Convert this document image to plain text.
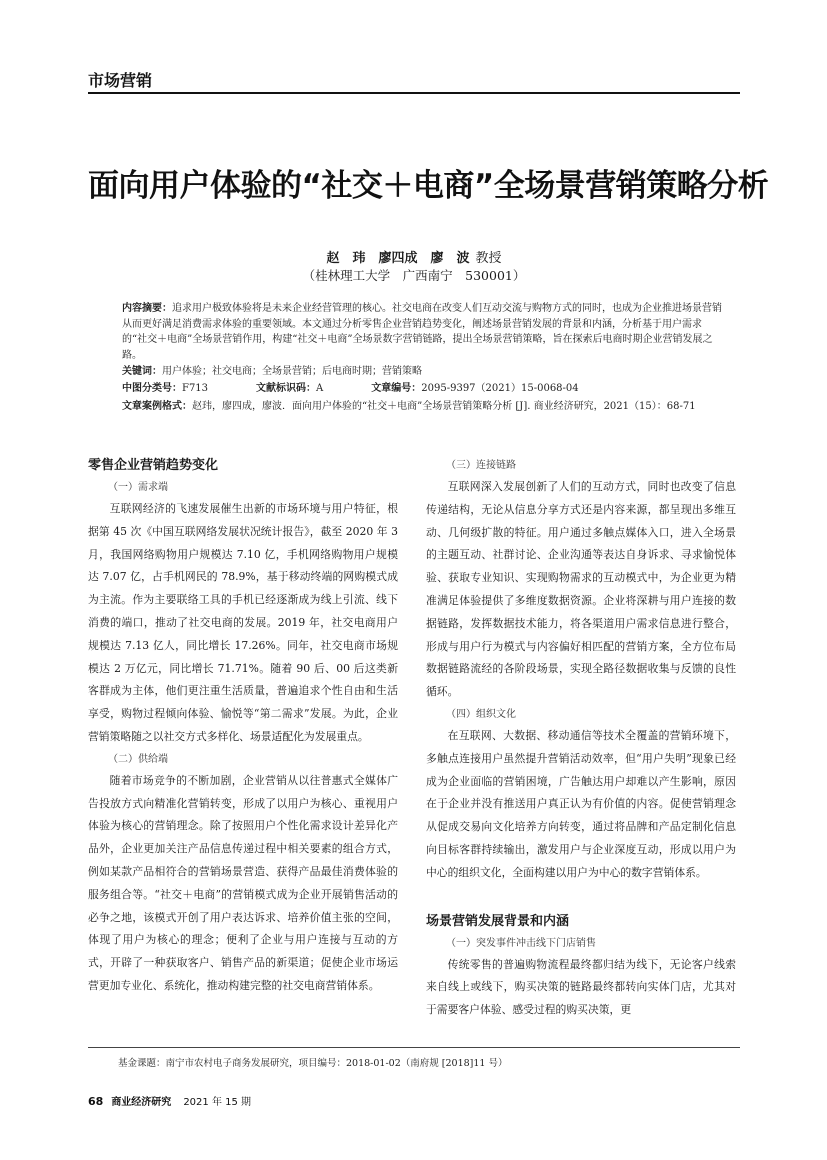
市场营销
面向用户体验的“社交＋电商”全场景营销策略分析
赵　玮　廖四成　廖　波 教授
（桂林理工大学　广西南宁　530001）
内容摘要：追求用户极致体验将是未来企业经营管理的核心。社交电商在改变人们互动交流与购物方式的同时，也成为企业推进场景营销从而更好满足消费需求体验的重要领域。本文通过分析零售企业营销趋势变化，阐述场景营销发展的背景和内涵，分析基于用户需求的“社交＋电商”全场景营销作用，构建“社交＋电商”全场景数字营销链路，提出全场景营销策略，旨在探索后电商时期企业营销发展之路。
关键词：用户体验；社交电商；全场景营销；后电商时期；营销策略
中图分类号：F713	文献标识码：A	文章编号：2095-9397（2021）15-0068-04
文章案例格式：赵玮，廖四成，廖波．面向用户体验的“社交＋电商”全场景营销策略分析 [J]. 商业经济研究，2021（15）：68-71
零售企业营销趋势变化
（一）需求端

互联网经济的飞速发展催生出新的市场环境与用户特征，根据第 45 次《中国互联网络发展状况统计报告》，截至 2020 年 3 月，我国网络购物用户规模达 7.10 亿，手机网络购物用户规模达 7.07 亿，占手机网民的 78.9%，基于移动终端的网购模式成为主流。作为主要联络工具的手机已经逐渐成为线上引流、线下消费的端口，推动了社交电商的发展。2019 年，社交电商用户规模达 7.13 亿人，同比增长 17.26%。同年，社交电商市场规模达 2 万亿元，同比增长 71.71%。随着 90 后、00 后这类新客群成为主体，他们更注重生活质量，普遍追求个性自由和生活享受，购物过程倾向体验、愉悦等“第二需求”发展。为此，企业营销策略随之以社交方式多样化、场景适配化为发展重点。

（二）供给端

随着市场竞争的不断加剧，企业营销从以往普惠式全媒体广告投放方式向精准化营销转变，形成了以用户为核心、重视用户体验为核心的营销理念。除了按照用户个性化需求设计差异化产品外，企业更加关注产品信息传递过程中相关要素的组合方式，例如某款产品相符合的营销场景营造、获得产品最佳消费体验的服务组合等。“社交＋电商”的营销模式成为企业开展销售活动的必争之地，该模式开创了用户表达诉求、培养价值主张的空间，体现了用户为核心的理念；便利了企业与用户连接与互动的方式，开辟了一种获取客户、销售产品的新渠道；促使企业市场运营更加专业化、系统化，推动构建完整的社交电商营销体系。

（三）连接链路

互联网深入发展创新了人们的互动方式，同时也改变了信息传递结构，无论从信息分享方式还是内容来源，都呈现出多维互动、几何级扩散的特征。用户通过多触点媒体入口，进入全场景的主题互动、社群讨论、企业沟通等表达自身诉求、寻求愉悦体验、获取专业知识、实现购物需求的互动模式中，为企业更为精准满足体验提供了多维度数据资源。企业将深耕与用户连接的数据链路，发挥数据技术能力，将各渠道用户需求信息进行整合，形成与用户行为模式与内容偏好相匹配的营销方案，全方位布局数据链路流经的各阶段场景，实现全路径数据收集与反馈的良性循环。

（四）组织文化

在互联网、大数据、移动通信等技术全覆盖的营销环境下，多触点连接用户虽然提升营销活动效率，但“用户失明”现象已经成为企业面临的营销困境，广告触达用户却难以产生影响，原因在于企业并没有推送用户真正认为有价值的内容。促使营销理念从促成交易向文化培养方向转变，通过将品牌和产品定制化信息向目标客群持续输出，激发用户与企业深度互动，形成以用户为中心的组织文化，全面构建以用户为中心的数字营销体系。

场景营销发展背景和内涵
（一）突发事件冲击线下门店销售

传统零售的普遍购物流程最终都归结为线下，无论客户线索来自线上或线下，购买决策的链路最终都转向实体门店，尤其对于需要客户体验、感受过程的购买决策，更

基金课题：南宁市农村电子商务发展研究，项目编号：2018-01-02（南府规 [2018]11 号）
68 商业经济研究 2021 年 15 期
